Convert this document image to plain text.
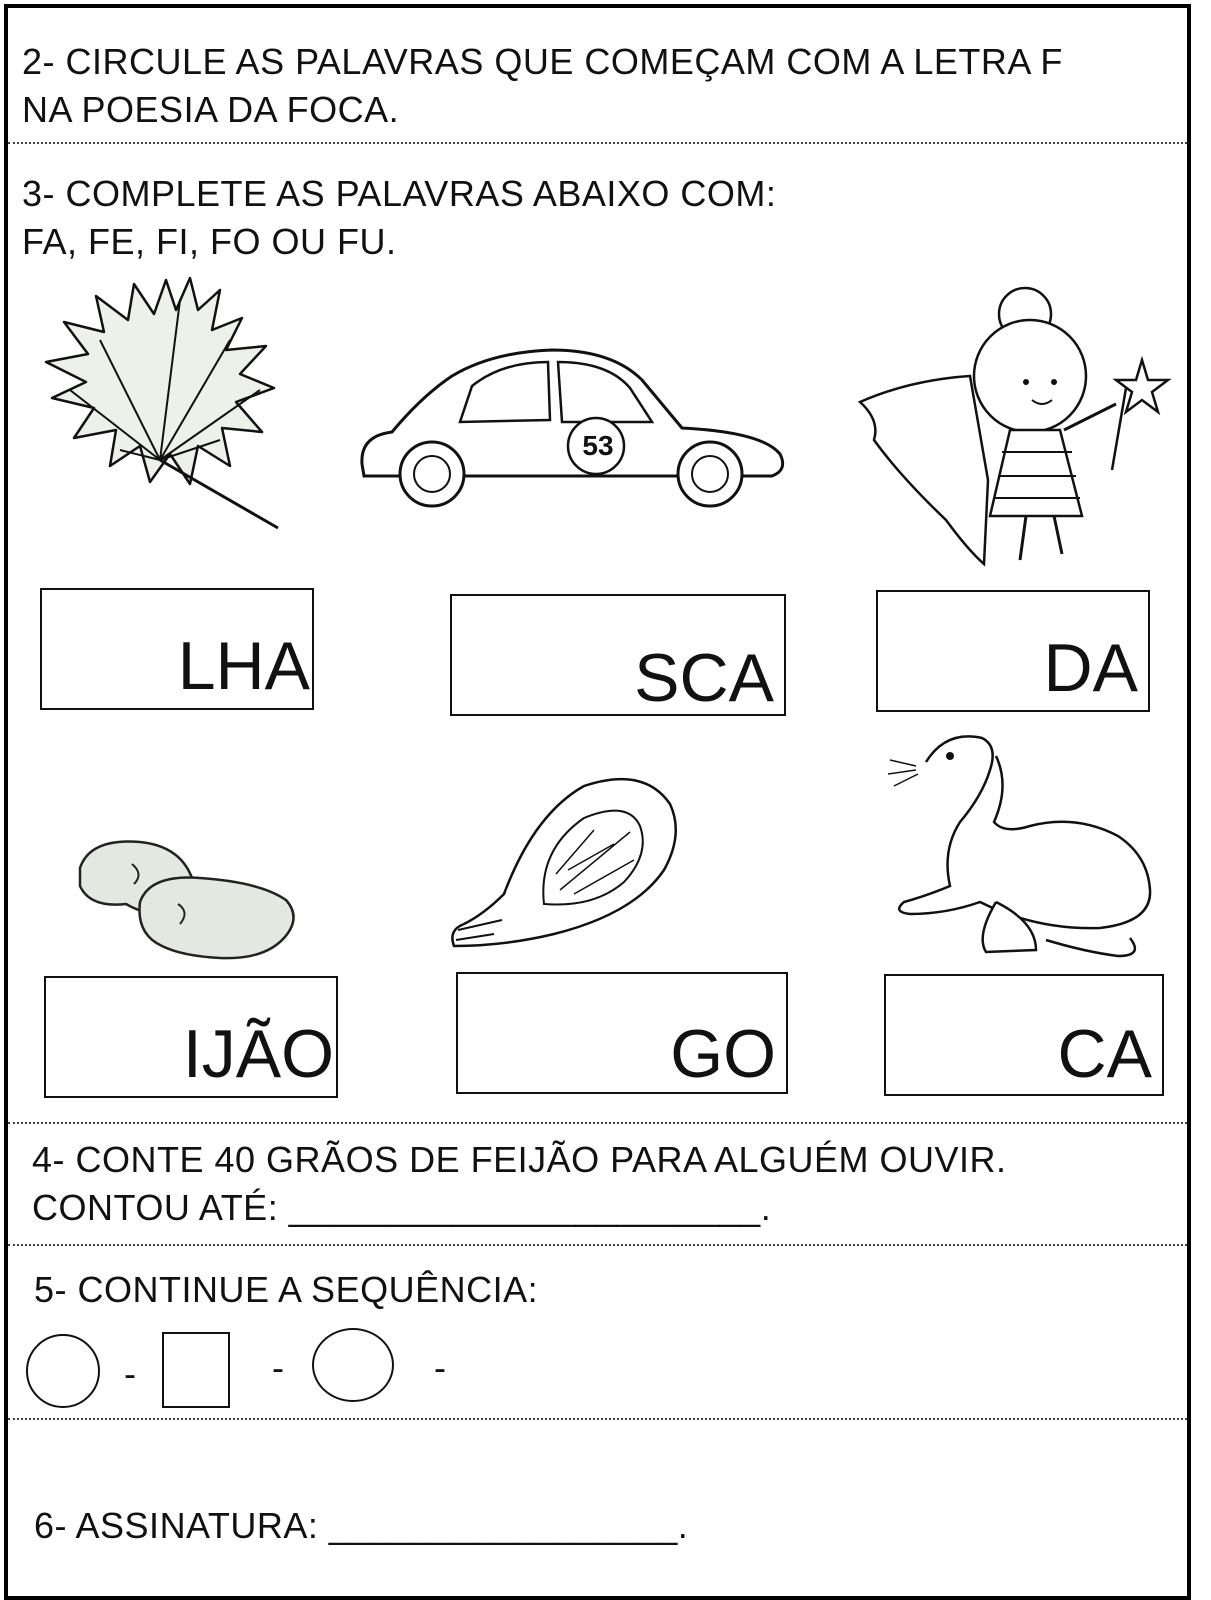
2- CIRCULE AS PALAVRAS QUE COMEÇAM COM A LETRA F
NA POESIA DA FOCA.
3- COMPLETE AS PALAVRAS ABAIXO COM:
FA, FE, FI, FO OU FU.
53
LHA	SCA	DA
IJÃO	GO	CA
4- CONTE 40 GRÃOS DE FEIJÃO PARA ALGUÉM OUVIR.
CONTOU ATÉ: _______________________.
5- CONTINUE A SEQUÊNCIA:
-	-	-
6- ASSINATURA: _________________.
